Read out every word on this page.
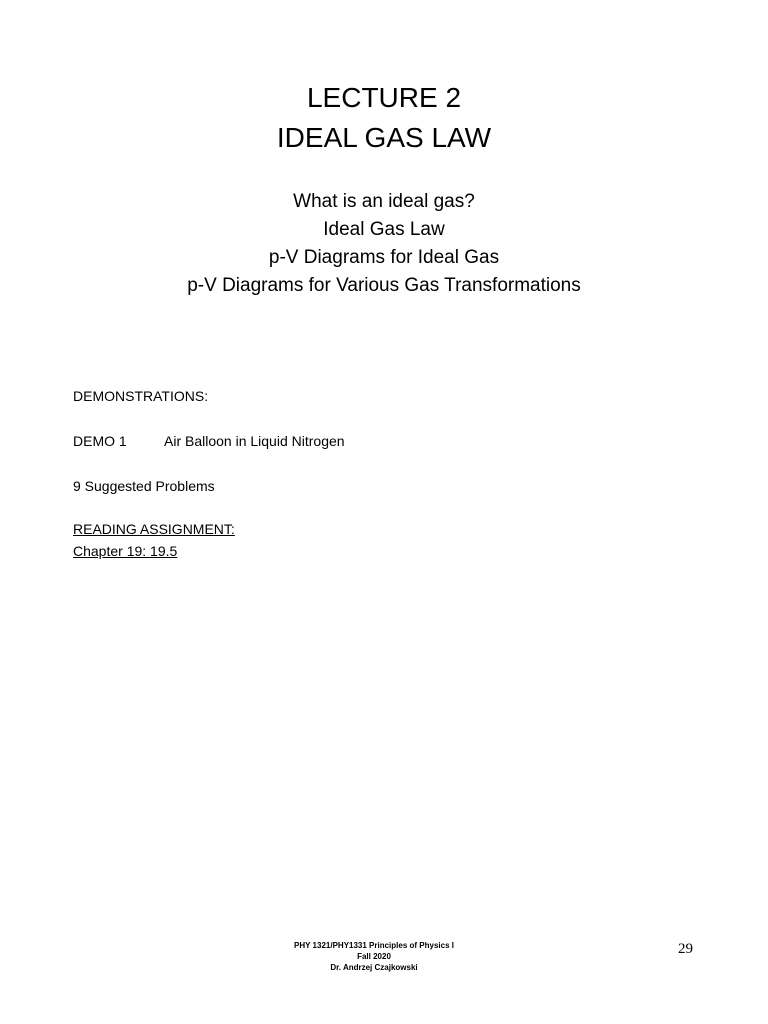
LECTURE 2
IDEAL GAS LAW
What is an ideal gas?
Ideal Gas Law
p-V Diagrams for Ideal Gas
p-V Diagrams for Various Gas Transformations
DEMONSTRATIONS:
DEMO 1	Air Balloon in Liquid Nitrogen
9 Suggested Problems
READING ASSIGNMENT:
Chapter 19: 19.5
PHY 1321/PHY1331 Principles of Physics I
Fall 2020
Dr. Andrzej Czajkowski
29
